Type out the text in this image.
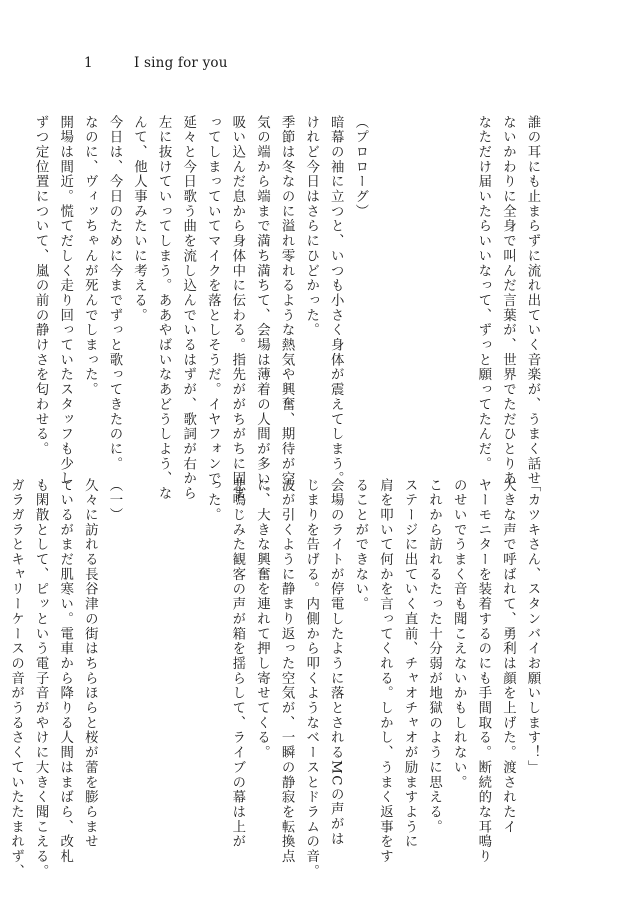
1	I sing for you
誰の耳にも止まらずに流れ出ていく音楽が、うまく話せ
ないかわりに全身で叫んだ言葉が、世界でただひとりあ
なただけ届いたらいいなって、ずっと願ってたんだ。

（プロローグ）
暗幕の袖に立つと、いつも小さく身体が震えてしまう。
けれど今日はさらにひどかった。
季節は冬なのに溢れ零れるような熱気や興奮、期待が空
気の端から端まで満ち満ちて、会場は薄着の人間が多い。
吸い込んだ息から身体中に伝わる。指先ががちがちに固ま
ってしまっていてマイクを落としそうだ。イヤフォンで
延々と今日歌う曲を流し込んでいるはずが、歌詞が右から
左に抜けていってしまう。ああやばいなあどうしよう、な
んて、他人事みたいに考える。
今日は、今日のために今までずっと歌ってきたのに。
なのに、ヴィッちゃんが死んでしまった。
開場は間近。慌てだしく走り回っていたスタッフも少し
ずつ定位置について、嵐の前の静けさを匂わせる。
「カツキさん、スタンバイお願いします！」
大きな声で呼ばれて、勇利は顔を上げた。渡されたイ
ヤーモニターを装着するのにも手間取る。断続的な耳鳴り
のせいでうまく音も聞こえないかもしれない。
これから訪れるたった十分弱が地獄のように思える。
ステージに出ていく直前、チャオチャオが励ますように
肩を叩いて何かを言ってくれる。しかし、うまく返事をす
ることができない。
会場のライトが停電したように落とされるMCの声がは
じまりを告げる。内側から叩くようなベースとドラムの音。
波が引くように静まり返った空気が、一瞬の静寂を転換点
に、大きな興奮を連れて押し寄せてくる。
悲鳴じみた観客の声が箱を揺らして、ライブの幕は上が
った。

（一）
久々に訪れる長谷津の街はちらほらと桜が蕾を膨らませ
ているがまだ肌寒い。電車から降りる人間はまばら、改札
も閑散として、ピッという電子音がやけに大きく聞こえる。
ガラガラとキャリーケースの音がうるさくていたたまれず、
